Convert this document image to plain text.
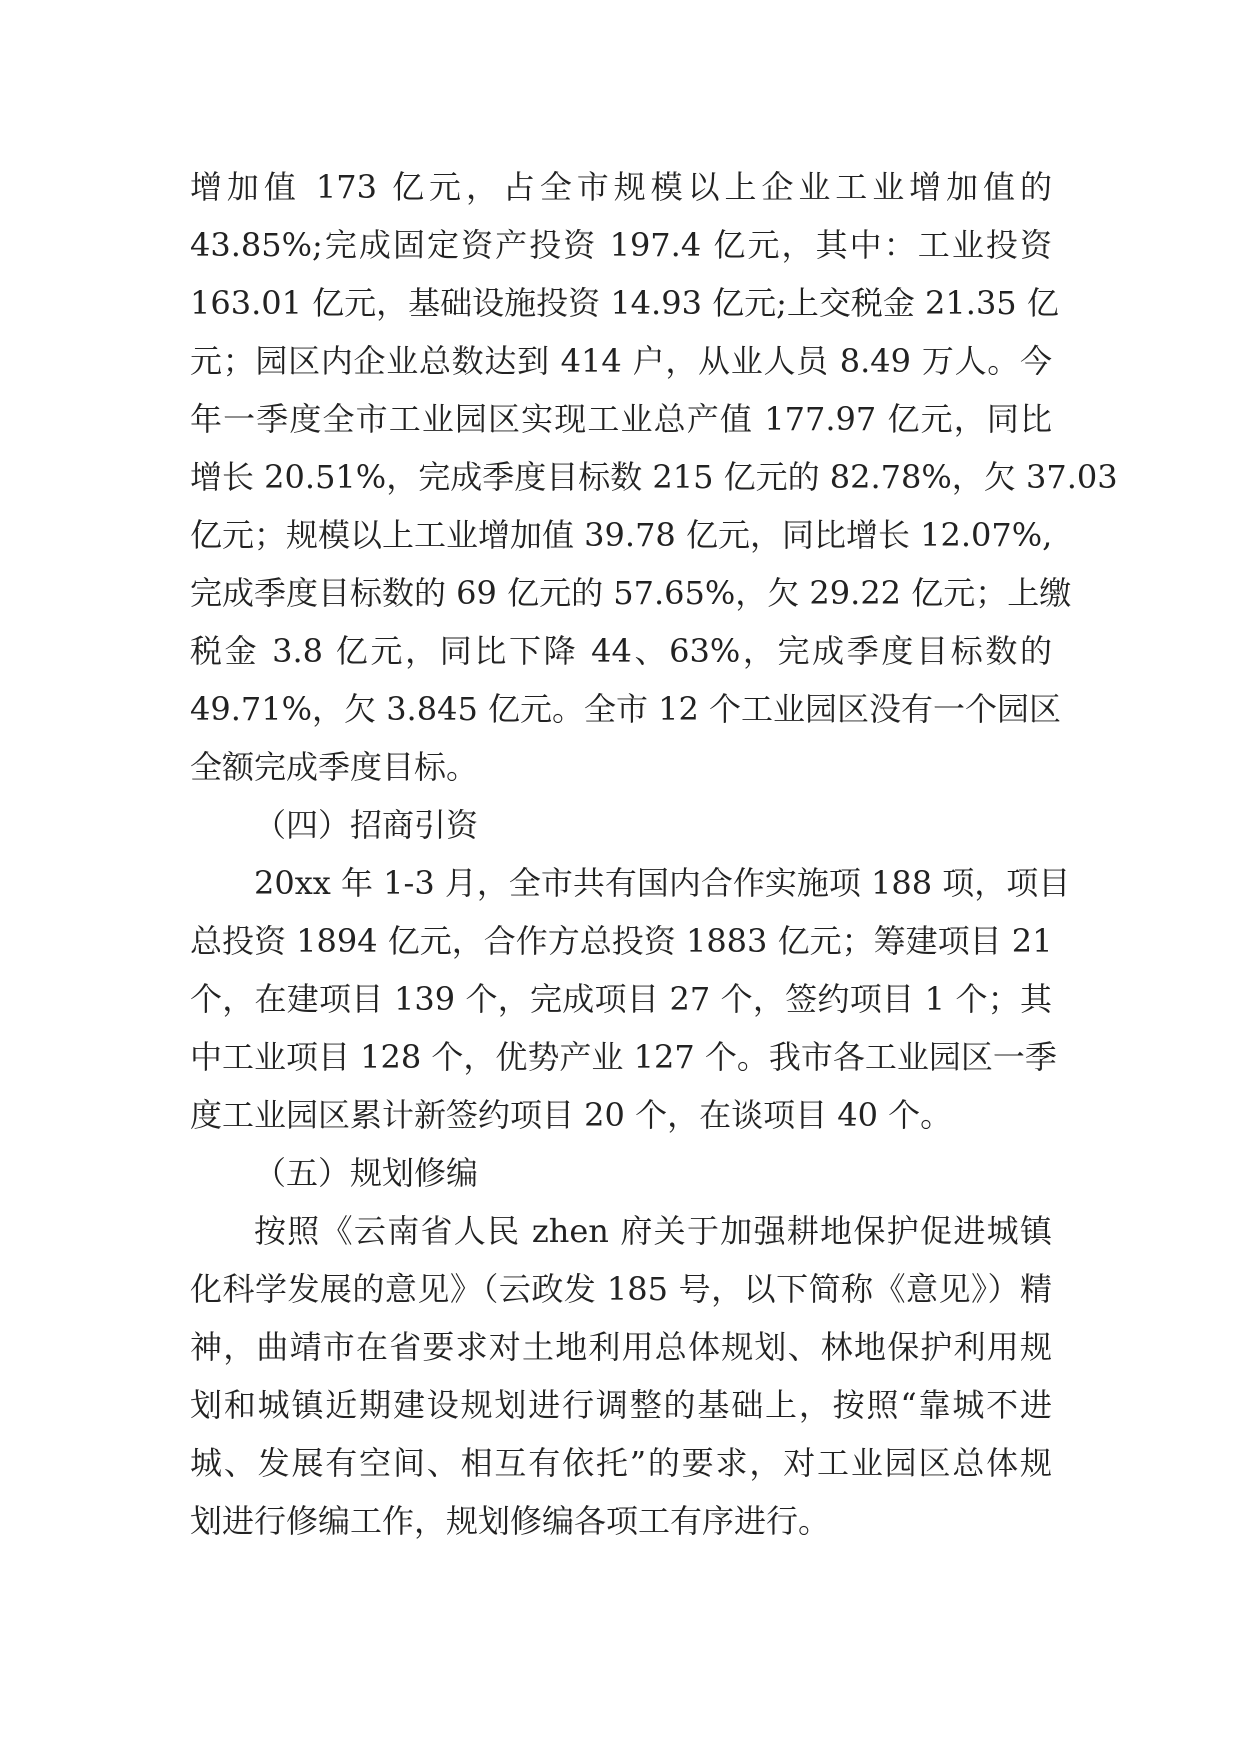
增加值 173 亿元，占全市规模以上企业工业增加值的
43.85%;完成固定资产投资 197.4 亿元，其中：工业投资
163.01 亿元，基础设施投资 14.93 亿元;上交税金 21.35 亿
元；园区内企业总数达到 414 户，从业人员 8.49 万人。今
年一季度全市工业园区实现工业总产值 177.97 亿元，同比
增长 20.51%，完成季度目标数 215 亿元的 82.78%，欠 37.03
亿元；规模以上工业增加值 39.78 亿元，同比增长 12.07%,
完成季度目标数的 69 亿元的 57.65%，欠 29.22 亿元；上缴
税金 3.8 亿元，同比下降 44、63%，完成季度目标数的
49.71%，欠 3.845 亿元。全市 12 个工业园区没有一个园区
全额完成季度目标。
（四）招商引资
20xx 年 1-3 月，全市共有国内合作实施项 188 项，项目
总投资 1894 亿元，合作方总投资 1883 亿元；筹建项目 21
个，在建项目 139 个，完成项目 27 个，签约项目 1 个；其
中工业项目 128 个，优势产业 127 个。我市各工业园区一季
度工业园区累计新签约项目 20 个，在谈项目 40 个。
（五）规划修编
按照《云南省人民 zhen 府关于加强耕地保护促进城镇
化科学发展的意见》（云政发 185 号，以下简称《意见》）精
神，曲靖市在省要求对土地利用总体规划、林地保护利用规
划和城镇近期建设规划进行调整的基础上，按照“靠城不进
城、发展有空间、相互有依托”的要求，对工业园区总体规
划进行修编工作，规划修编各项工有序进行。
